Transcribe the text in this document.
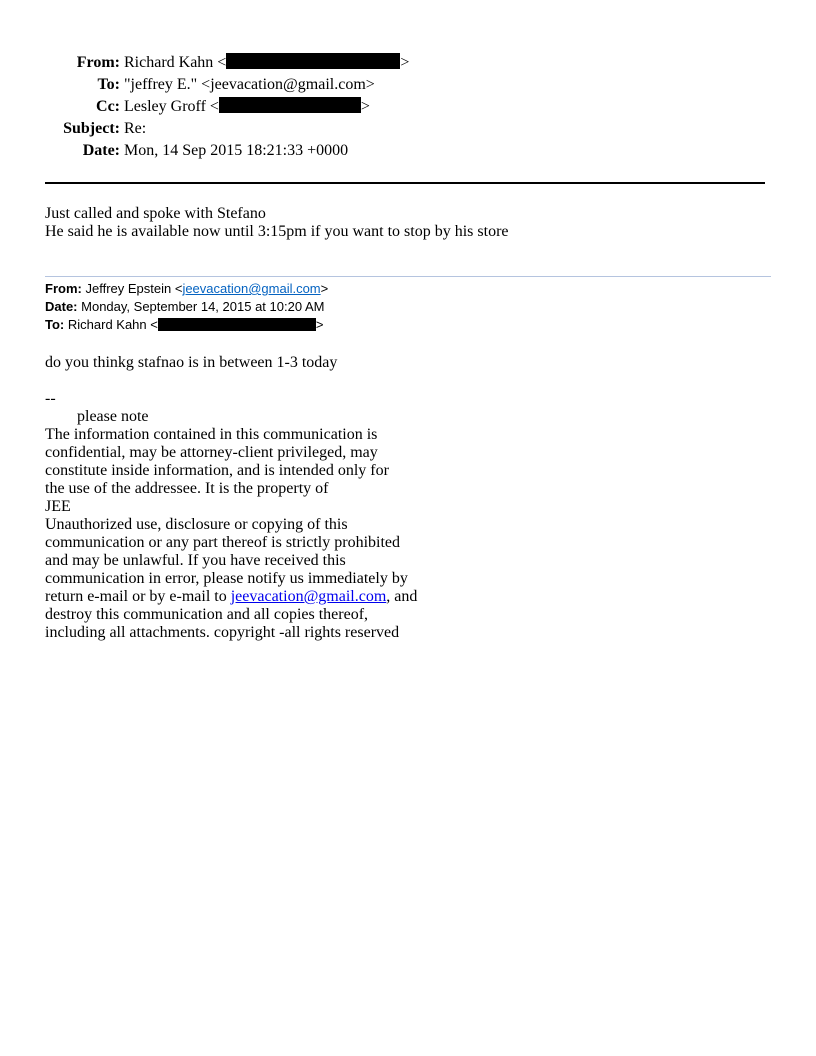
From: Richard Kahn <	>
To: "jeffrey E." <jeevacation@gmail.com>
Cc: Lesley Groff <	>
Subject: Re:
Date: Mon, 14 Sep 2015 18:21:33 +0000
Just called and spoke with Stefano
He said he is available now until 3:15pm if you want to stop by his store
From: Jeffrey Epstein <jeevacation@gmail.com>
Date: Monday, September 14, 2015 at 10:20 AM
To: Richard Kahn <	>
do you thinkg stafnao is in between 1-3 today
--
please note
The information contained in this communication is
confidential, may be attorney-client privileged, may
constitute inside information, and is intended only for
the use of the addressee. It is the property of
JEE
Unauthorized use, disclosure or copying of this
communication or any part thereof is strictly prohibited
and may be unlawful. If you have received this
communication in error, please notify us immediately by
return e-mail or by e-mail to jeevacation@gmail.com, and
destroy this communication and all copies thereof,
including all attachments. copyright -all rights reserved
